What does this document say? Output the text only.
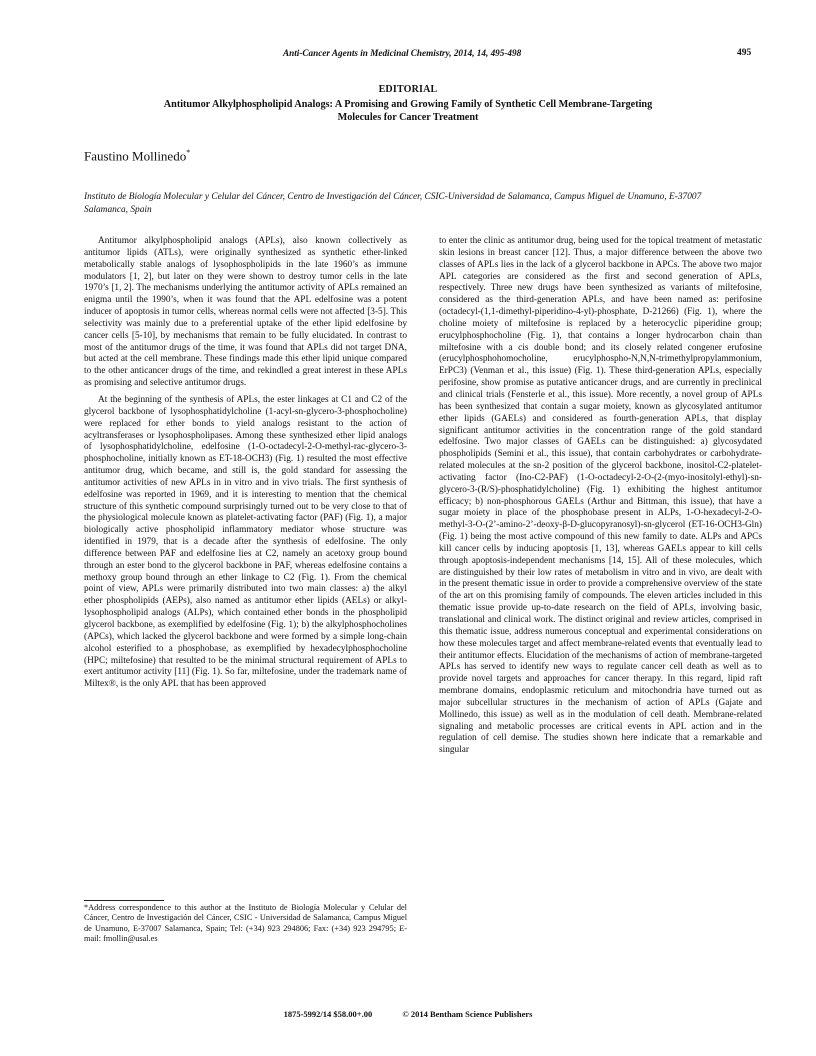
Anti-Cancer Agents in Medicinal Chemistry, 2014, 14, 495-498	495
EDITORIAL
Antitumor Alkylphospholipid Analogs: A Promising and Growing Family of Synthetic Cell Membrane-Targeting Molecules for Cancer Treatment
Faustino Mollinedo*
Instituto de Biología Molecular y Celular del Cáncer, Centro de Investigación del Cáncer, CSIC-Universidad de Salamanca, Campus Miguel de Unamuno, E-37007 Salamanca, Spain

Antitumor alkylphospholipid analogs (APLs), also known collectively as antitumor lipids (ATLs), were originally synthesized as synthetic ether-linked metabolically stable analogs of lysophospholipids in the late 1960’s as immune modulators [1, 2], but later on they were shown to destroy tumor cells in the late 1970’s [1, 2]. The mechanisms underlying the antitumor activity of APLs remained an enigma until the 1990’s, when it was found that the APL edelfosine was a potent inducer of apoptosis in tumor cells, whereas normal cells were not affected [3-5]. This selectivity was mainly due to a preferential uptake of the ether lipid edelfosine by cancer cells [5-10], by mechanisms that remain to be fully elucidated. In contrast to most of the antitumor drugs of the time, it was found that APLs did not target DNA, but acted at the cell membrane. These findings made this ether lipid unique compared to the other anticancer drugs of the time, and rekindled a great interest in these APLs as promising and selective antitumor drugs.

At the beginning of the synthesis of APLs, the ester linkages at C1 and C2 of the glycerol backbone of lysophosphatidylcholine (1-acyl-sn-glycero-3-phosphocholine) were replaced for ether bonds to yield analogs resistant to the action of acyltransferases or lysophospholipases. Among these synthesized ether lipid analogs of lysophosphatidylcholine, edelfosine (1-O-octadecyl-2-O-methyl-rac-glycero-3-phosphocholine, initially known as ET-18-OCH3) (Fig. 1) resulted the most effective antitumor drug, which became, and still is, the gold standard for assessing the antitumor activities of new APLs in in vitro and in vivo trials. The first synthesis of edelfosine was reported in 1969, and it is interesting to mention that the chemical structure of this synthetic compound surprisingly turned out to be very close to that of the physiological molecule known as platelet-activating factor (PAF) (Fig. 1), a major biologically active phospholipid inflammatory mediator whose structure was identified in 1979, that is a decade after the synthesis of edelfosine. The only difference between PAF and edelfosine lies at C2, namely an acetoxy group bound through an ester bond to the glycerol backbone in PAF, whereas edelfosine contains a methoxy group bound through an ether linkage to C2 (Fig. 1). From the chemical point of view, APLs were primarily distributed into two main classes: a) the alkyl ether phospholipids (AEPs), also named as antitumor ether lipids (AELs) or alkyl-lysophospholipid analogs (ALPs), which contained ether bonds in the phospholipid glycerol backbone, as exemplified by edelfosine (Fig. 1); b) the alkylphosphocholines (APCs), which lacked the glycerol backbone and were formed by a simple long-chain alcohol esterified to a phosphobase, as exemplified by hexadecylphosphocholine (HPC; miltefosine) that resulted to be the minimal structural requirement of APLs to exert antitumor activity [11] (Fig. 1). So far, miltefosine, under the trademark name of Miltex®, is the only APL that has been approved

to enter the clinic as antitumor drug, being used for the topical treatment of metastatic skin lesions in breast cancer [12]. Thus, a major difference between the above two classes of APLs lies in the lack of a glycerol backbone in APCs. The above two major APL categories are considered as the first and second generation of APLs, respectively. Three new drugs have been synthesized as variants of miltefosine, considered as the third-generation APLs, and have been named as: perifosine (octadecyl-(1,1-dimethyl-piperidino-4-yl)-phosphate, D-21266) (Fig. 1), where the choline moiety of miltefosine is replaced by a heterocyclic piperidine group; erucylphosphocholine (Fig. 1), that contains a longer hydrocarbon chain than miltefosine with a cis double bond; and its closely related congener erufosine (erucylphosphohomocholine, erucylphospho-N,N,N-trimethylpropylammonium, ErPC3) (Venman et al., this issue) (Fig. 1). These third-generation APLs, especially perifosine, show promise as putative anticancer drugs, and are currently in preclinical and clinical trials (Fensterle et al., this issue). More recently, a novel group of APLs has been synthesized that contain a sugar moiety, known as glycosylated antitumor ether lipids (GAELs) and considered as fourth-generation APLs, that display significant antitumor activities in the concentration range of the gold standard edelfosine. Two major classes of GAELs can be distinguished: a) glycosydated phospholipids (Semini et al., this issue), that contain carbohydrates or carbohydrate-related molecules at the sn-2 position of the glycerol backbone, inositol-C2-platelet-activating factor (Ino-C2-PAF) (1-O-octadecyl-2-O-(2-(myo-inositolyl-ethyl)-sn-glycero-3-(R/S)-phosphatidylcholine) (Fig. 1) exhibiting the highest antitumor efficacy; b) non-phosphorous GAELs (Arthur and Bittman, this issue), that have a sugar moiety in place of the phosphobase present in ALPs, 1-O-hexadecyl-2-O-methyl-3-O-(2’-amino-2’-deoxy-β-D-glucopyranosyl)-sn-glycerol (ET-16-OCH3-Gln) (Fig. 1) being the most active compound of this new family to date. ALPs and APCs kill cancer cells by inducing apoptosis [1, 13], whereas GAELs appear to kill cells through apoptosis-independent mechanisms [14, 15]. All of these molecules, which are distinguished by their low rates of metabolism in vitro and in vivo, are dealt with in the present thematic issue in order to provide a comprehensive overview of the state of the art on this promising family of compounds. The eleven articles included in this thematic issue provide up-to-date research on the field of APLs, involving basic, translational and clinical work. The distinct original and review articles, comprised in this thematic issue, address numerous conceptual and experimental considerations on how these molecules target and affect membrane-related events that eventually lead to their antitumor effects. Elucidation of the mechanisms of action of membrane-targeted APLs has served to identify new ways to regulate cancer cell death as well as to provide novel targets and approaches for cancer therapy. In this regard, lipid raft membrane domains, endoplasmic reticulum and mitochondria have turned out as major subcellular structures in the mechanism of action of APLs (Gajate and Mollinedo, this issue) as well as in the modulation of cell death. Membrane-related signaling and metabolic processes are critical events in APL action and in the regulation of cell demise. The studies shown here indicate that a remarkable and singular

*Address correspondence to this author at the Instituto de Biología Molecular y Celular del Cáncer, Centro de Investigación del Cáncer, CSIC - Universidad de Salamanca, Campus Miguel de Unamuno, E-37007 Salamanca, Spain; Tel: (+34) 923 294806; Fax: (+34) 923 294795; E-mail: fmollin@usal.es
1875-5992/14 $58.00+.00	© 2014 Bentham Science Publishers
